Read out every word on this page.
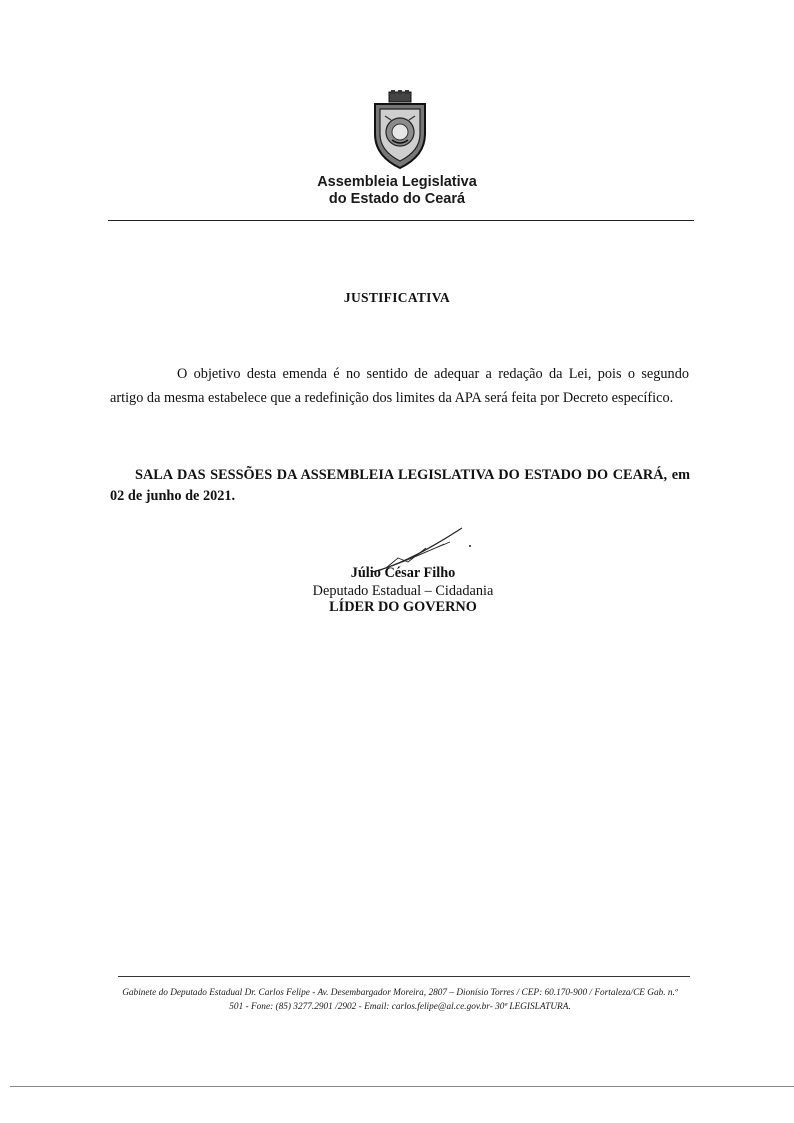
Assembleia Legislativa
do Estado do Ceará
JUSTIFICATIVA
O objetivo desta emenda é no sentido de adequar a redação da Lei, pois o segundo
artigo da mesma estabelece que a redefinição dos limites da APA será feita por Decreto específico.
SALA DAS SESSÕES DA ASSEMBLEIA LEGISLATIVA DO ESTADO DO CEARÁ, em
02 de junho de 2021.
Júlio César Filho
Deputado Estadual – Cidadania
LÍDER DO GOVERNO
Gabinete do Deputado Estadual Dr. Carlos Felipe - Av. Desembargador Moreira, 2807 – Dionísio Torres / CEP: 60.170-900 / Fortaleza/CE Gab. n.º
501 - Fone: (85) 3277.2901 /2902 - Email: carlos.felipe@al.ce.gov.br- 30ª LEGISLATURA.
